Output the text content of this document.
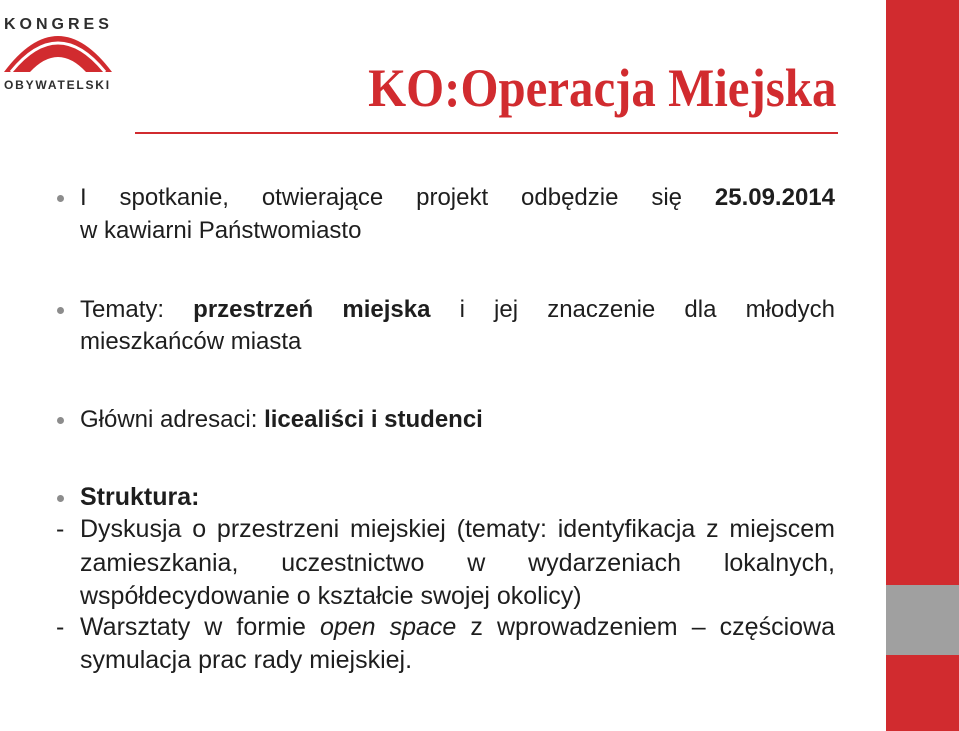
KONGRES
OBYWATELSKI	KO:Operacja Miejska
I spotkanie, otwierające projekt odbędzie się 25.09.2014
w kawiarni Państwomiasto
Tematy: przestrzeń miejska i jej znaczenie dla młodych
mieszkańców miasta
Główni adresaci: licealiści i studenci
Struktura:
- Dyskusja o przestrzeni miejskiej (tematy: identyfikacja z miejscem
zamieszkania, uczestnictwo w wydarzeniach lokalnych,
współdecydowanie o kształcie swojej okolicy)
- Warsztaty w formie open space z wprowadzeniem – częściowa
symulacja prac rady miejskiej.
